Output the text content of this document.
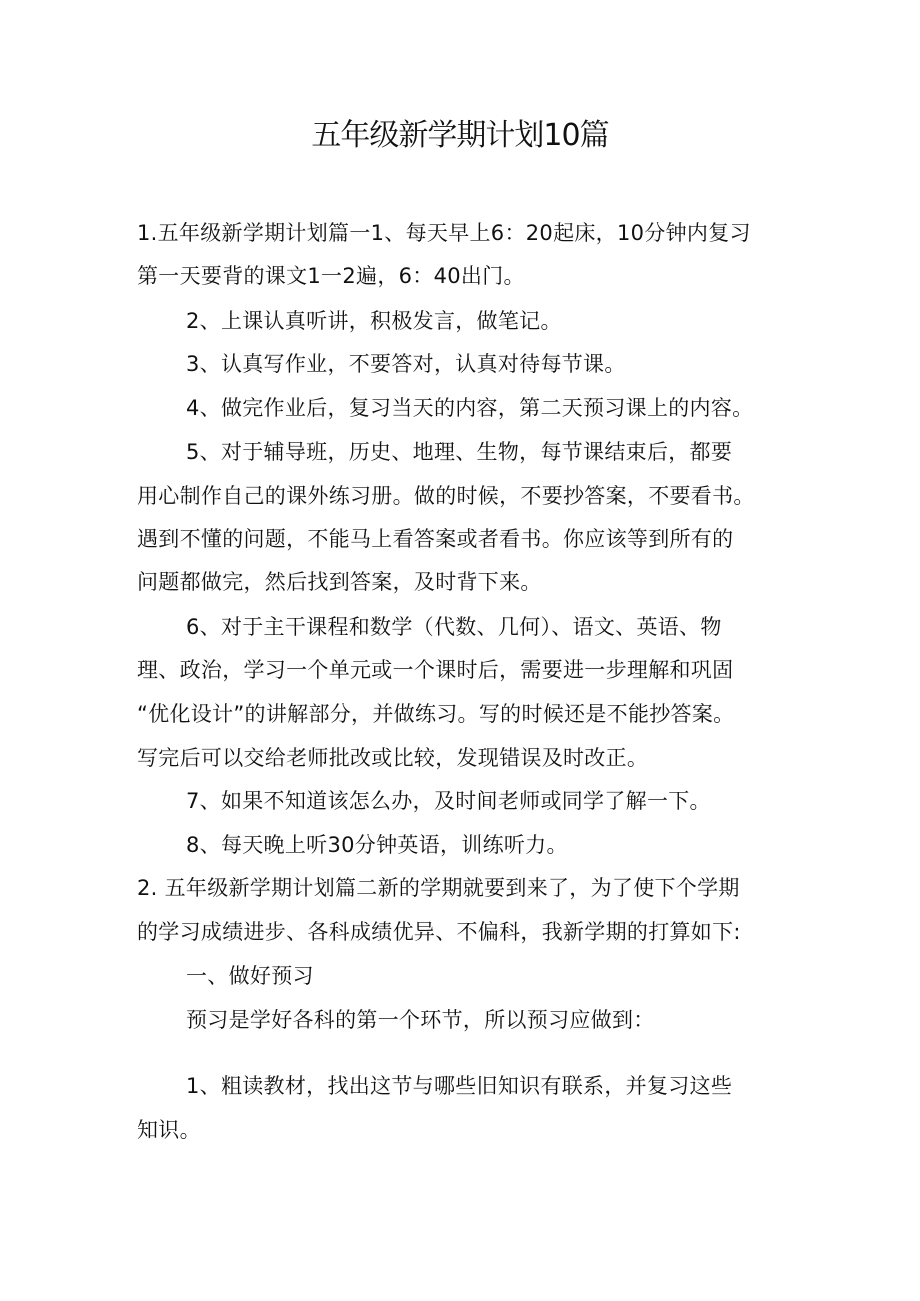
五年级新学期计划10篇
1.五年级新学期计划篇一1、每天早上6：20起床，10分钟内复习
第一天要背的课文1一2遍，6：40出门。
2、上课认真听讲，积极发言，做笔记。
3、认真写作业，不要答对，认真对待每节课。
4、做完作业后，复习当天的内容，第二天预习课上的内容。
5、对于辅导班，历史、地理、生物，每节课结束后，都要
用心制作自己的课外练习册。做的时候，不要抄答案，不要看书。
遇到不懂的问题，不能马上看答案或者看书。你应该等到所有的
问题都做完，然后找到答案，及时背下来。
6、对于主干课程和数学（代数、几何）、语文、英语、物
理、政治，学习一个单元或一个课时后，需要进一步理解和巩固
“优化设计”的讲解部分，并做练习。写的时候还是不能抄答案。
写完后可以交给老师批改或比较，发现错误及时改正。
7、如果不知道该怎么办，及时间老师或同学了解一下。
8、每天晚上听30分钟英语，训练听力。
2. 五年级新学期计划篇二新的学期就要到来了，为了使下个学期
的学习成绩进步、各科成绩优异、不偏科，我新学期的打算如下:
一、做好预习
预习是学好各科的第一个环节，所以预习应做到：
1、粗读教材，找出这节与哪些旧知识有联系，并复习这些
知识。
